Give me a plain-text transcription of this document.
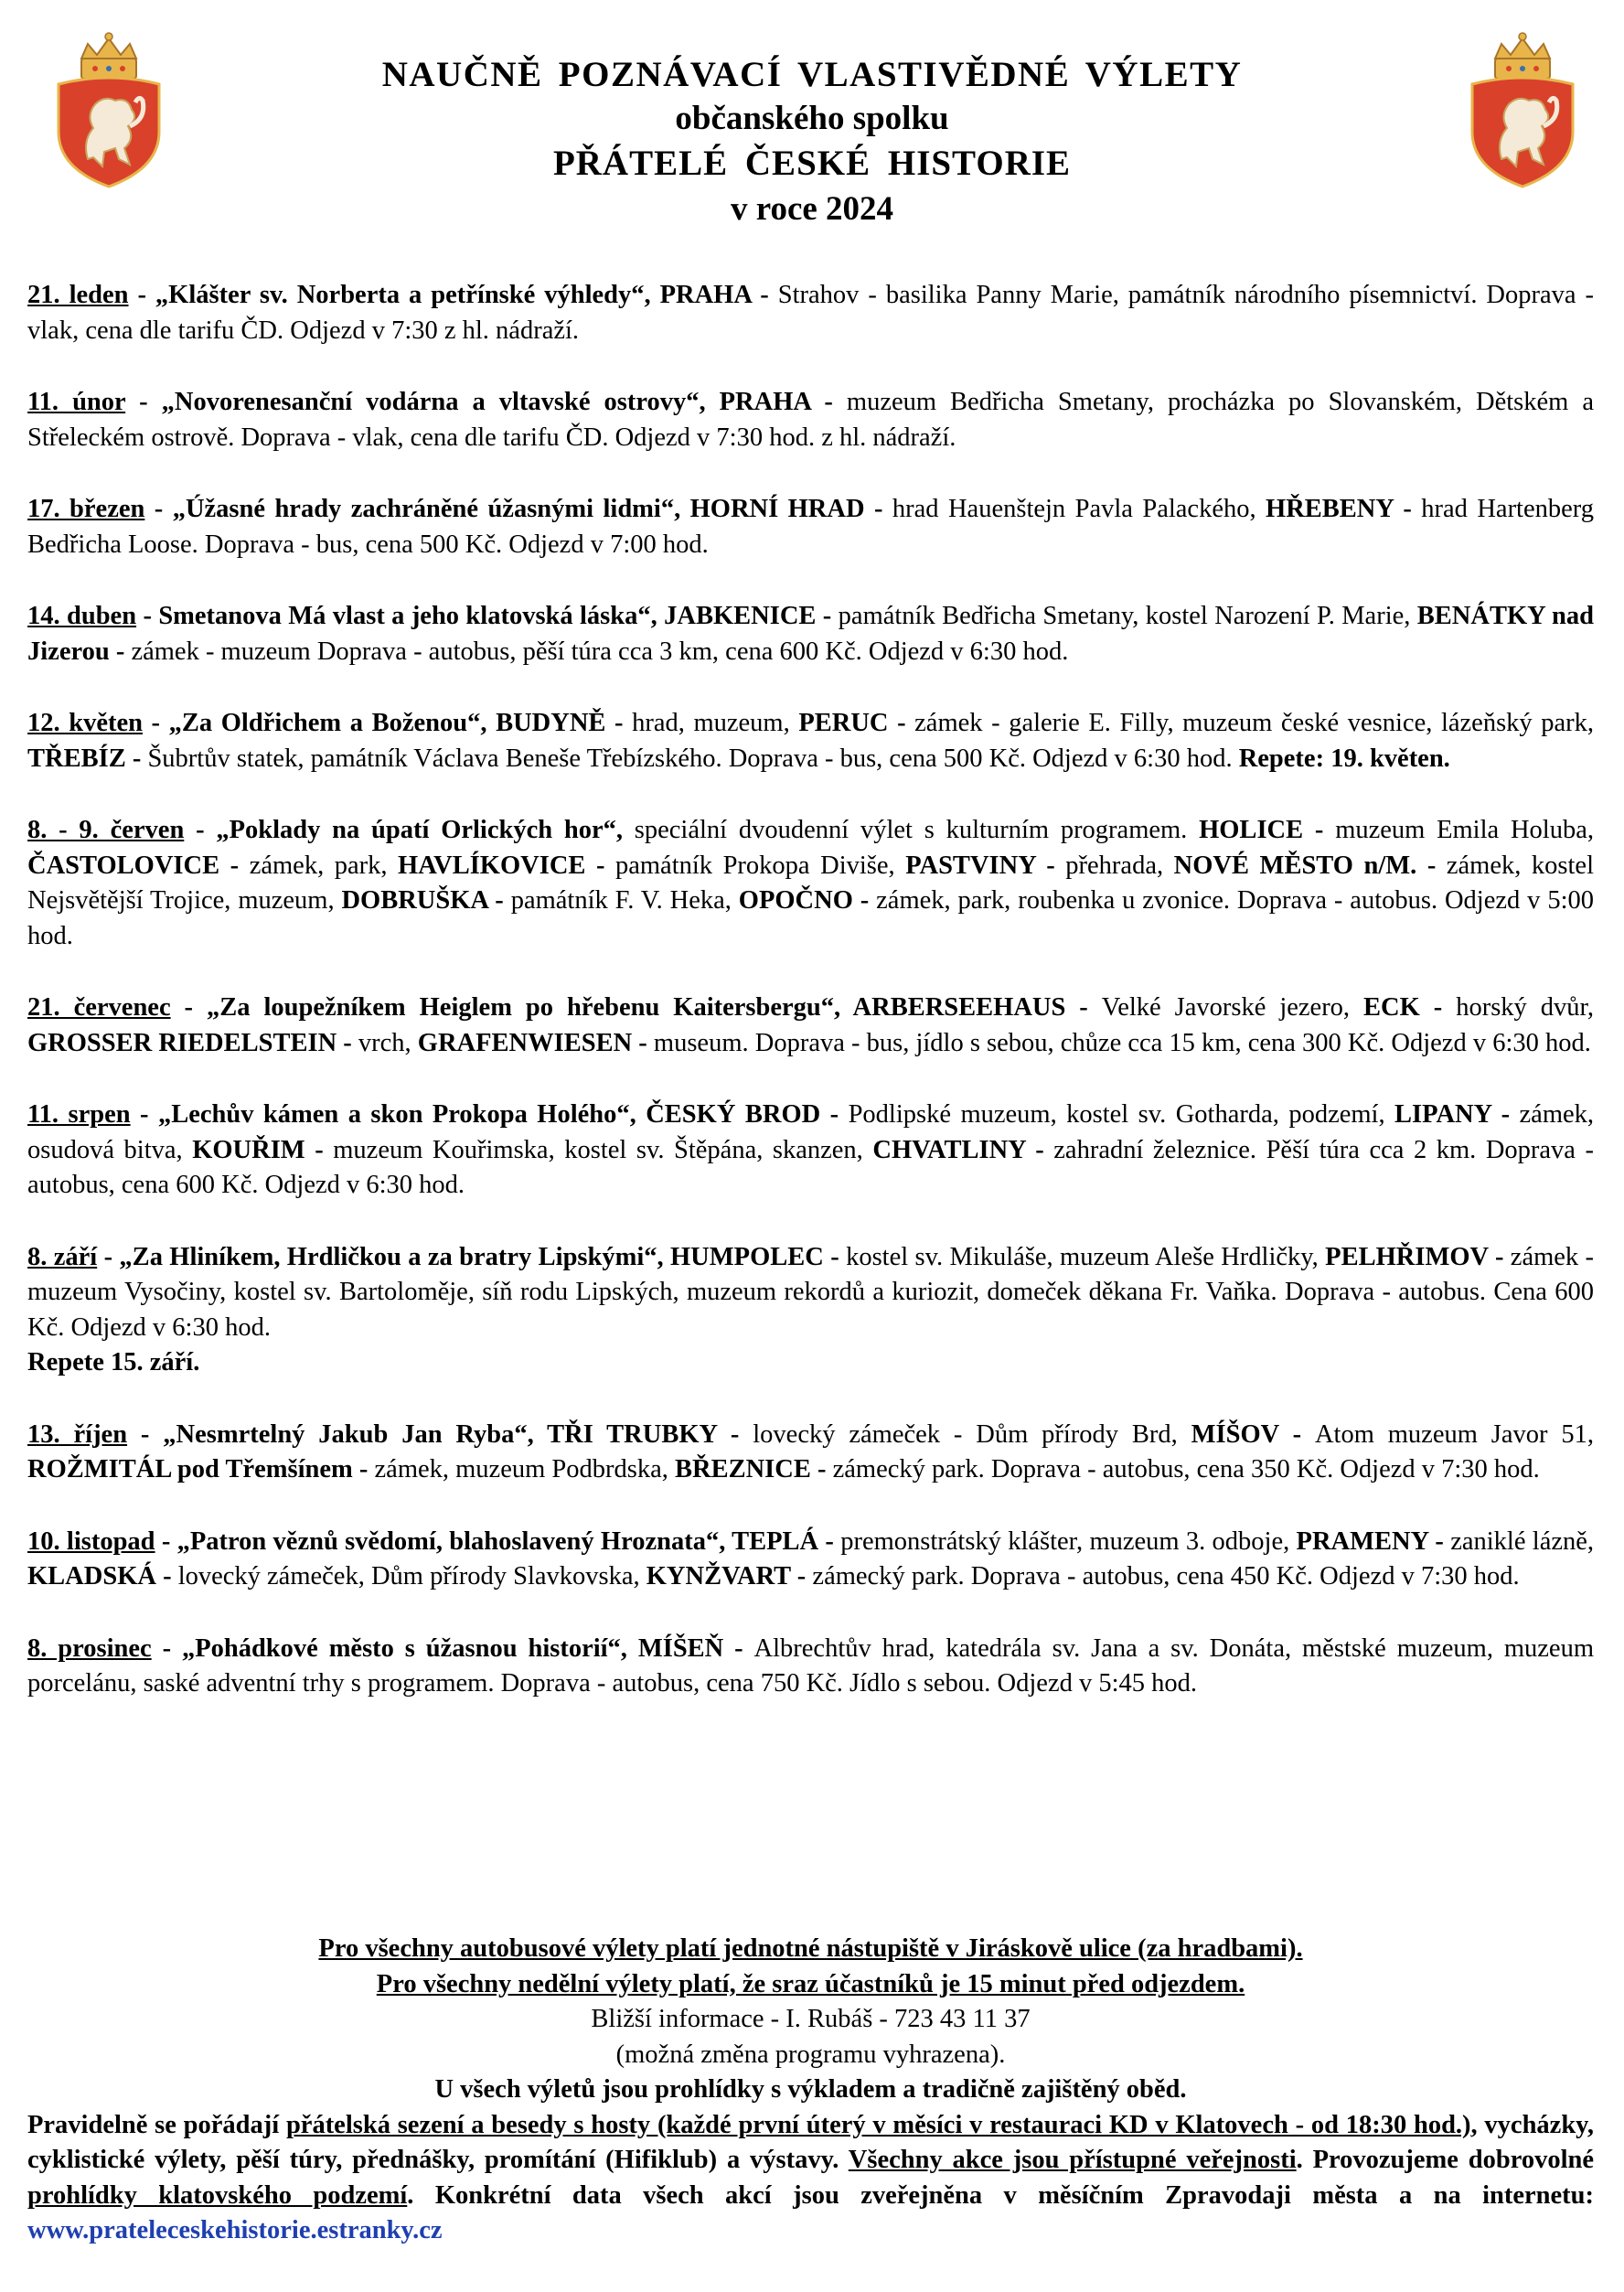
NAUČNĚ POZNÁVACÍ VLASTIVĚDNÉ VÝLETY
občanského spolku
PŘÁTELÉ ČESKÉ HISTORIE
v roce 2024

21. leden - „Klášter sv. Norberta a petřínské výhledy“, PRAHA - Strahov - basilika Panny Marie, památník národního písemnictví. Doprava - vlak, cena dle tarifu ČD. Odjezd v 7:30 z hl. nádraží.

11. únor - „Novorenesanční vodárna a vltavské ostrovy“, PRAHA - muzeum Bedřicha Smetany, procházka po Slovanském, Dětském a Střeleckém ostrově. Doprava - vlak, cena dle tarifu ČD. Odjezd v 7:30 hod. z hl. nádraží.

17. březen - „Úžasné hrady zachráněné úžasnými lidmi“, HORNÍ HRAD - hrad Hauenštejn Pavla Palackého, HŘEBENY - hrad Hartenberg Bedřicha Loose. Doprava - bus, cena 500 Kč. Odjezd v 7:00 hod.

14. duben - Smetanova Má vlast a jeho klatovská láska“, JABKENICE - památník Bedřicha Smetany, kostel Narození P. Marie, BENÁTKY nad Jizerou - zámek - muzeum Doprava - autobus, pěší túra cca 3 km, cena 600 Kč. Odjezd v 6:30 hod.

12. květen - „Za Oldřichem a Boženou“, BUDYNĚ - hrad, muzeum, PERUC - zámek - galerie E. Filly, muzeum české vesnice, lázeňský park, TŘEBÍZ - Šubrtův statek, památník Václava Beneše Třebízského. Doprava - bus, cena 500 Kč. Odjezd v 6:30 hod. Repete: 19. květen.

8. - 9. červen - „Poklady na úpatí Orlických hor“, speciální dvoudenní výlet s kulturním programem. HOLICE - muzeum Emila Holuba, ČASTOLOVICE - zámek, park, HAVLÍKOVICE - památník Prokopa Diviše, PASTVINY - přehrada, NOVÉ MĚSTO n/M. - zámek, kostel Nejsvětější Trojice, muzeum, DOBRUŠKA - památník F. V. Heka, OPOČNO - zámek, park, roubenka u zvonice. Doprava - autobus. Odjezd v 5:00 hod.

21. červenec - „Za loupežníkem Heiglem po hřebenu Kaitersbergu“, ARBERSEEHAUS - Velké Javorské jezero, ECK - horský dvůr, GROSSER RIEDELSTEIN - vrch, GRAFENWIESEN - museum. Doprava - bus, jídlo s sebou, chůze cca 15 km, cena 300 Kč. Odjezd v 6:30 hod.

11. srpen - „Lechův kámen a skon Prokopa Holého“, ČESKÝ BROD - Podlipské muzeum, kostel sv. Gotharda, podzemí, LIPANY - zámek, osudová bitva, KOUŘIM - muzeum Kouřimska, kostel sv. Štěpána, skanzen, CHVATLINY - zahradní železnice. Pěší túra cca 2 km. Doprava - autobus, cena 600 Kč. Odjezd v 6:30 hod.

8. září - „Za Hliníkem, Hrdličkou a za bratry Lipskými“, HUMPOLEC - kostel sv. Mikuláše, muzeum Aleše Hrdličky, PELHŘIMOV - zámek - muzeum Vysočiny, kostel sv. Bartoloměje, síň rodu Lipských, muzeum rekordů a kuriozit, domeček děkana Fr. Vaňka. Doprava - autobus. Cena 600 Kč. Odjezd v 6:30 hod.
Repete 15. září.

13. říjen - „Nesmrtelný Jakub Jan Ryba“, TŘI TRUBKY - lovecký zámeček - Dům přírody Brd, MÍŠOV - Atom muzeum Javor 51, ROŽMITÁL pod Třemšínem - zámek, muzeum Podbrdska, BŘEZNICE - zámecký park. Doprava - autobus, cena 350 Kč. Odjezd v 7:30 hod.

10. listopad - „Patron věznů svědomí, blahoslavený Hroznata“, TEPLÁ - premonstrátský klášter, muzeum 3. odboje, PRAMENY - zaniklé lázně, KLADSKÁ - lovecký zámeček, Dům přírody Slavkovska, KYNŽVART - zámecký park. Doprava - autobus, cena 450 Kč. Odjezd v 7:30 hod.

8. prosinec - „Pohádkové město s úžasnou historií“, MÍŠEŇ - Albrechtův hrad, katedrála sv. Jana a sv. Donáta, městské muzeum, muzeum porcelánu, saské adventní trhy s programem. Doprava - autobus, cena 750 Kč. Jídlo s sebou. Odjezd v 5:45 hod.

Pro všechny autobusové výlety platí jednotné nástupiště v Jiráskově ulice (za hradbami).
Pro všechny nedělní výlety platí, že sraz účastníků je 15 minut před odjezdem.
Bližší informace - I. Rubáš - 723 43 11 37
(možná změna programu vyhrazena).
U všech výletů jsou prohlídky s výkladem a tradičně zajištěný oběd.
Pravidelně se pořádají přátelská sezení a besedy s hosty (každé první úterý v měsíci v restauraci KD v Klatovech - od 18:30 hod.), vycházky, cyklistické výlety, pěší túry, přednášky, promítání (Hifiklub) a výstavy. Všechny akce jsou přístupné veřejnosti. Provozujeme dobrovolné prohlídky klatovského podzemí. Konkrétní data všech akcí jsou zveřejněna v měsíčním Zpravodaji města a na internetu: www.prateleceskehistorie.estranky.cz
